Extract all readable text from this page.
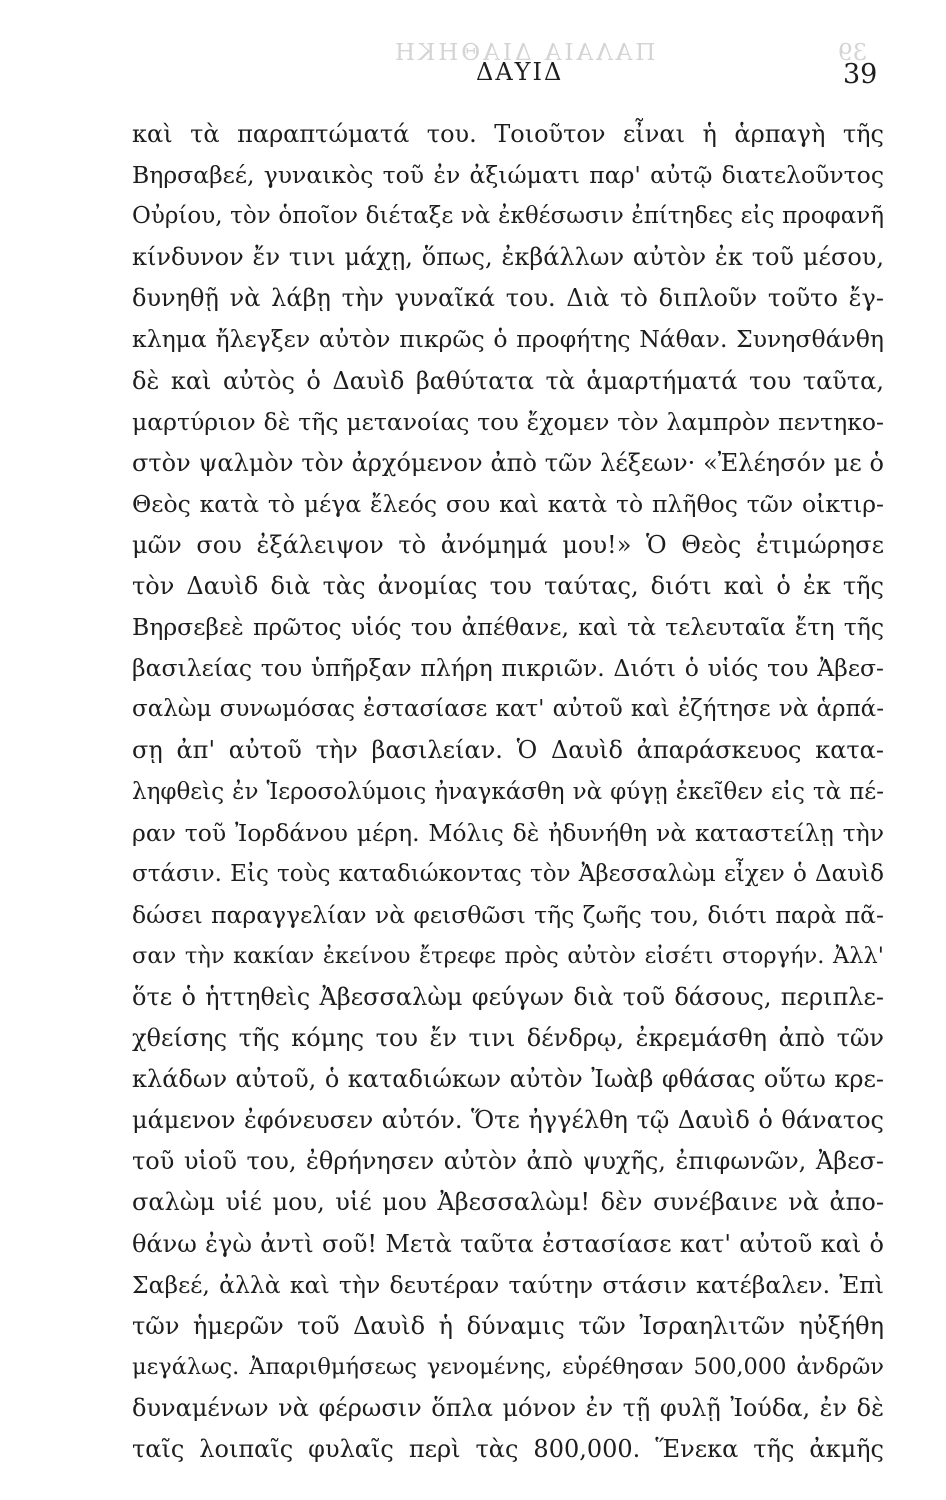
ΠΑΛΑΙΑ ΔΙΑΘΗΚΗ	39
ΔΑΥΙΔ	39
καὶ τὰ παραπτώματά του. Τοιοῦτον εἶναι ἡ ἁρπαγὴ τῆς
Βηρσαβεέ, γυναικὸς τοῦ ἐν ἀξιώματι παρ' αὐτῷ διατελοῦντος
Οὐρίου, τὸν ὁποῖον διέταξε νὰ ἐκθέσωσιν ἐπίτηδες εἰς προφανῆ
κίνδυνον ἔν τινι μάχῃ, ὅπως, ἐκβάλλων αὐτὸν ἐκ τοῦ μέσου,
δυνηθῇ νὰ λάβῃ τὴν γυναῖκά του. Διὰ τὸ διπλοῦν τοῦτο ἔγ-
κλημα ἤλεγξεν αὐτὸν πικρῶς ὁ προφήτης Νάθαν. Συνησθάνθη
δὲ καὶ αὐτὸς ὁ Δαυὶδ βαθύτατα τὰ ἁμαρτήματά του ταῦτα,
μαρτύριον δὲ τῆς μετανοίας του ἔχομεν τὸν λαμπρὸν πεντηκο-
στὸν ψαλμὸν τὸν ἀρχόμενον ἀπὸ τῶν λέξεων· «Ἐλέησόν με ὁ
Θεὸς κατὰ τὸ μέγα ἔλεός σου καὶ κατὰ τὸ πλῆθος τῶν οἰκτιρ-
μῶν σου ἐξάλειψον τὸ ἀνόμημά μου!» Ὁ Θεὸς ἐτιμώρησε
τὸν Δαυὶδ διὰ τὰς ἀνομίας του ταύτας, διότι καὶ ὁ ἐκ τῆς
Βηρσεβεὲ πρῶτος υἱός του ἀπέθανε, καὶ τὰ τελευταῖα ἔτη τῆς
βασιλείας του ὑπῆρξαν πλήρη πικριῶν. Διότι ὁ υἱός του Ἀβεσ-
σαλὼμ συνωμόσας ἐστασίασε κατ' αὐτοῦ καὶ ἐζήτησε νὰ ἁρπά-
σῃ ἀπ' αὐτοῦ τὴν βασιλείαν. Ὁ Δαυὶδ ἀπαράσκευος κατα-
ληφθεὶς ἐν Ἱεροσολύμοις ἠναγκάσθη νὰ φύγῃ ἐκεῖθεν εἰς τὰ πέ-
ραν τοῦ Ἰορδάνου μέρη. Μόλις δὲ ἠδυνήθη νὰ καταστείλῃ τὴν
στάσιν. Εἰς τοὺς καταδιώκοντας τὸν Ἀβεσσαλὼμ εἶχεν ὁ Δαυὶδ
δώσει παραγγελίαν νὰ φεισθῶσι τῆς ζωῆς του, διότι παρὰ πᾶ-
σαν τὴν κακίαν ἐκείνου ἔτρεφε πρὸς αὐτὸν εἰσέτι στοργήν. Ἀλλ'
ὅτε ὁ ἡττηθεὶς Ἀβεσσαλὼμ φεύγων διὰ τοῦ δάσους, περιπλε-
χθείσης τῆς κόμης του ἔν τινι δένδρῳ, ἐκρεμάσθη ἀπὸ τῶν
κλάδων αὐτοῦ, ὁ καταδιώκων αὐτὸν Ἰωὰβ φθάσας οὕτω κρε-
μάμενον ἐφόνευσεν αὐτόν. Ὅτε ἠγγέλθη τῷ Δαυὶδ ὁ θάνατος
τοῦ υἱοῦ του, ἐθρήνησεν αὐτὸν ἀπὸ ψυχῆς, ἐπιφωνῶν, Ἀβεσ-
σαλὼμ υἱέ μου, υἱέ μου Ἀβεσσαλὼμ! δὲν συνέβαινε νὰ ἀπο-
θάνω ἐγὼ ἀντὶ σοῦ! Μετὰ ταῦτα ἐστασίασε κατ' αὐτοῦ καὶ ὁ
Σαβεέ, ἀλλὰ καὶ τὴν δευτέραν ταύτην στάσιν κατέβαλεν. Ἐπὶ
τῶν ἡμερῶν τοῦ Δαυὶδ ἡ δύναμις τῶν Ἰσραηλιτῶν ηὐξήθη
μεγάλως. Ἀπαριθμήσεως γενομένης, εὑρέθησαν 500,000 ἀνδρῶν
δυναμένων νὰ φέρωσιν ὅπλα μόνον ἐν τῇ φυλῇ Ἰούδα, ἐν δὲ
ταῖς λοιπαῖς φυλαῖς περὶ τὰς 800,000. Ἕνεκα τῆς ἀκμῆς
